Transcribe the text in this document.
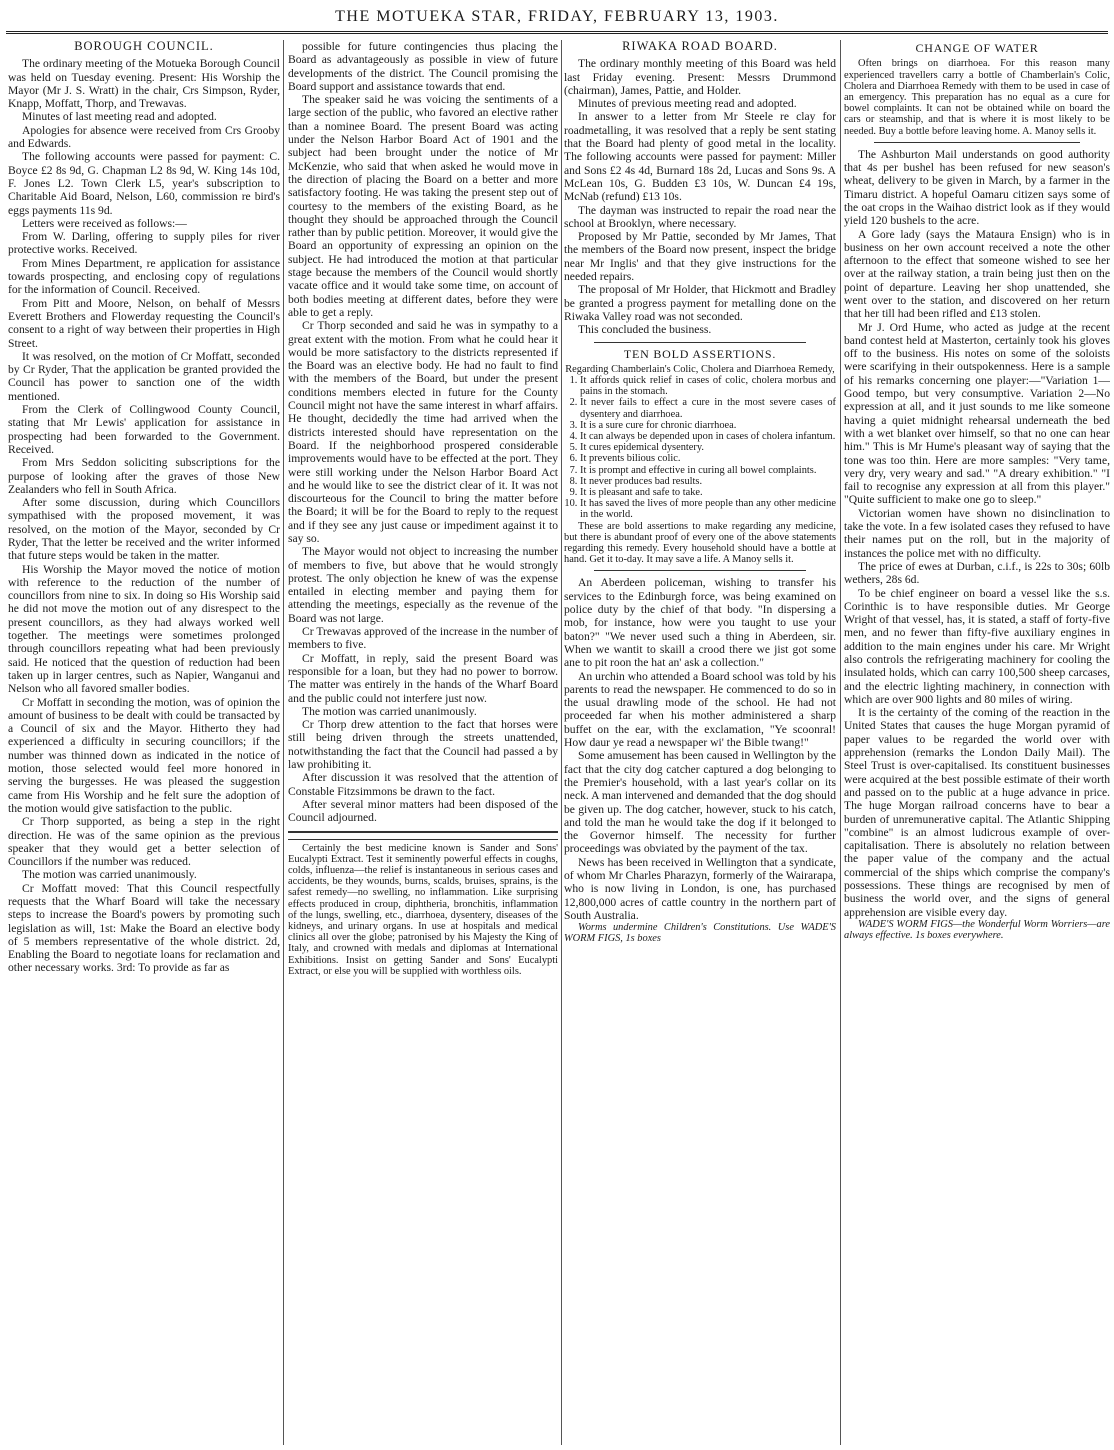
THE MOTUEKA STAR, FRIDAY, FEBRUARY 13, 1903.
BOROUGH COUNCIL.

The ordinary meeting of the Motueka Borough Council was held on Tuesday evening. Present: His Worship the Mayor (Mr J. S. Wratt) in the chair, Crs Simpson, Ryder, Knapp, Moffatt, Thorp, and Trewavas.

Minutes of last meeting read and adopted.

Apologies for absence were received from Crs Grooby and Edwards.

The following accounts were passed for payment: C. Boyce £2 8s 9d, G. Chapman L2 8s 9d, W. King 14s 10d, F. Jones L2. Town Clerk L5, year's subscription to Charitable Aid Board, Nelson, L60, commission re bird's eggs payments 11s 9d.

Letters were received as follows:—

From W. Darling, offering to supply piles for river protective works. Received.

From Mines Department, re application for assistance towards prospecting, and enclosing copy of regulations for the information of Council. Received.

From Pitt and Moore, Nelson, on behalf of Messrs Everett Brothers and Flowerday requesting the Council's consent to a right of way between their properties in High Street.

It was resolved, on the motion of Cr Moffatt, seconded by Cr Ryder, That the application be granted provided the Council has power to sanction one of the width mentioned.

From the Clerk of Collingwood County Council, stating that Mr Lewis' application for assistance in prospecting had been forwarded to the Government. Received.

From Mrs Seddon soliciting subscriptions for the purpose of looking after the graves of those New Zealanders who fell in South Africa.

After some discussion, during which Councillors sympathised with the proposed movement, it was resolved, on the motion of the Mayor, seconded by Cr Ryder, That the letter be received and the writer informed that future steps would be taken in the matter.

His Worship the Mayor moved the notice of motion with reference to the reduction of the number of councillors from nine to six. In doing so His Worship said he did not move the motion out of any disrespect to the present councillors, as they had always worked well together. The meetings were sometimes prolonged through councillors repeating what had been previously said. He noticed that the question of reduction had been taken up in larger centres, such as Napier, Wanganui and Nelson who all favored smaller bodies.

Cr Moffatt in seconding the motion, was of opinion the amount of business to be dealt with could be transacted by a Council of six and the Mayor. Hitherto they had experienced a difficulty in securing councillors; if the number was thinned down as indicated in the notice of motion, those selected would feel more honored in serving the burgesses. He was pleased the suggestion came from His Worship and he felt sure the adoption of the motion would give satisfaction to the public.

Cr Thorp supported, as being a step in the right direction. He was of the same opinion as the previous speaker that they would get a better selection of Councillors if the number was reduced.

The motion was carried unanimously.

Cr Moffatt moved: That this Council respectfully requests that the Wharf Board will take the necessary steps to increase the Board's powers by promoting such legislation as will, 1st: Make the Board an elective body of 5 members representative of the whole district. 2d, Enabling the Board to negotiate loans for reclamation and other necessary works. 3rd: To provide as far as

possible for future contingencies thus placing the Board as advantageously as possible in view of future developments of the district. The Council promising the Board support and assistance towards that end.

The speaker said he was voicing the sentiments of a large section of the public, who favored an elective rather than a nominee Board. The present Board was acting under the Nelson Harbor Board Act of 1901 and the subject had been brought under the notice of Mr McKenzie, who said that when asked he would move in the direction of placing the Board on a better and more satisfactory footing. He was taking the present step out of courtesy to the members of the existing Board, as he thought they should be approached through the Council rather than by public petition. Moreover, it would give the Board an opportunity of expressing an opinion on the subject. He had introduced the motion at that particular stage because the members of the Council would shortly vacate office and it would take some time, on account of both bodies meeting at different dates, before they were able to get a reply.

Cr Thorp seconded and said he was in sympathy to a great extent with the motion. From what he could hear it would be more satisfactory to the districts represented if the Board was an elective body. He had no fault to find with the members of the Board, but under the present conditions members elected in future for the County Council might not have the same interest in wharf affairs. He thought, decidedly the time had arrived when the districts interested should have representation on the Board. If the neighborhood prospered considerable improvements would have to be effected at the port. They were still working under the Nelson Harbor Board Act and he would like to see the district clear of it. It was not discourteous for the Council to bring the matter before the Board; it will be for the Board to reply to the request and if they see any just cause or impediment against it to say so.

The Mayor would not object to increasing the number of members to five, but above that he would strongly protest. The only objection he knew of was the expense entailed in electing member and paying them for attending the meetings, especially as the revenue of the Board was not large.

Cr Trewavas approved of the increase in the number of members to five.

Cr Moffatt, in reply, said the present Board was responsible for a loan, but they had no power to borrow. The matter was entirely in the hands of the Wharf Board and the public could not interfere just now.

The motion was carried unanimously.

Cr Thorp drew attention to the fact that horses were still being driven through the streets unattended, notwithstanding the fact that the Council had passed a by law prohibiting it.

After discussion it was resolved that the attention of Constable Fitzsimmons be drawn to the fact.

After several minor matters had been disposed of the Council adjourned.

Certainly the best medicine known is Sander and Sons' Eucalypti Extract. Test it seminently powerful effects in coughs, colds, influenza—the relief is instantaneous in serious cases and accidents, be they wounds, burns, scalds, bruises, sprains, is the safest remedy—no swelling, no inflammation. Like surprising effects produced in croup, diphtheria, bronchitis, inflammation of the lungs, swelling, etc., diarrhoea, dysentery, diseases of the kidneys, and urinary organs. In use at hospitals and medical clinics all over the globe; patronised by his Majesty the King of Italy, and crowned with medals and diplomas at International Exhibitions. Insist on getting Sander and Sons' Eucalypti Extract, or else you will be supplied with worthless oils.

RIWAKA ROAD BOARD.

The ordinary monthly meeting of this Board was held last Friday evening. Present: Messrs Drummond (chairman), James, Pattie, and Holder.

Minutes of previous meeting read and adopted.

In answer to a letter from Mr Steele re clay for roadmetalling, it was resolved that a reply be sent stating that the Board had plenty of good metal in the locality. The following accounts were passed for payment: Miller and Sons £2 4s 4d, Burnard 18s 2d, Lucas and Sons 9s. A McLean 10s, G. Budden £3 10s, W. Duncan £4 19s, McNab (refund) £13 10s.

The dayman was instructed to repair the road near the school at Brooklyn, where necessary.

Proposed by Mr Pattie, seconded by Mr James, That the members of the Board now present, inspect the bridge near Mr Inglis' and that they give instructions for the needed repairs.

The proposal of Mr Holder, that Hickmott and Bradley be granted a progress payment for metalling done on the Riwaka Valley road was not seconded.

This concluded the business.

TEN BOLD ASSERTIONS.

Regarding Chamberlain's Colic, Cholera and Diarrhoea Remedy,

1. It affords quick relief in cases of colic, cholera morbus and pains in the stomach.
2. It never fails to effect a cure in the most severe cases of dysentery and diarrhoea.
3. It is a sure cure for chronic diarrhoea.
4. It can always be depended upon in cases of cholera infantum.
5. It cures epidemical dysentery.
6. It prevents bilious colic.
7. It is prompt and effective in curing all bowel complaints.
8. It never produces bad results.
9. It is pleasant and safe to take.
10. It has saved the lives of more people than any other medicine in the world.

These are bold assertions to make regarding any medicine, but there is abundant proof of every one of the above statements regarding this remedy. Every household should have a bottle at hand. Get it to-day. It may save a life. A Manoy sells it.

An Aberdeen policeman, wishing to transfer his services to the Edinburgh force, was being examined on police duty by the chief of that body. "In dispersing a mob, for instance, how were you taught to use your baton?" "We never used such a thing in Aberdeen, sir. When we wantit to skaill a crood there we jist got some ane to pit roon the hat an' ask a collection."

An urchin who attended a Board school was told by his parents to read the newspaper. He commenced to do so in the usual drawling mode of the school. He had not proceeded far when his mother administered a sharp buffet on the ear, with the exclamation, "Ye scoonral! How daur ye read a newspaper wi' the Bible twang!"

Some amusement has been caused in Wellington by the fact that the city dog catcher captured a dog belonging to the Premier's household, with a last year's collar on its neck. A man intervened and demanded that the dog should be given up. The dog catcher, however, stuck to his catch, and told the man he would take the dog if it belonged to the Governor himself. The necessity for further proceedings was obviated by the payment of the tax.

News has been received in Wellington that a syndicate, of whom Mr Charles Pharazyn, formerly of the Wairarapa, who is now living in London, is one, has purchased 12,800,000 acres of cattle country in the northern part of South Australia.

Worms undermine Children's Constitutions. Use WADE'S WORM FIGS, 1s boxes

CHANGE OF WATER

Often brings on diarrhoea. For this reason many experienced travellers carry a bottle of Chamberlain's Colic, Cholera and Diarrhoea Remedy with them to be used in case of an emergency. This preparation has no equal as a cure for bowel complaints. It can not be obtained while on board the cars or steamship, and that is where it is most likely to be needed. Buy a bottle before leaving home. A. Manoy sells it.

The Ashburton Mail understands on good authority that 4s per bushel has been refused for new season's wheat, delivery to be given in March, by a farmer in the Timaru district. A hopeful Oamaru citizen says some of the oat crops in the Waihao district look as if they would yield 120 bushels to the acre.

A Gore lady (says the Mataura Ensign) who is in business on her own account received a note the other afternoon to the effect that someone wished to see her over at the railway station, a train being just then on the point of departure. Leaving her shop unattended, she went over to the station, and discovered on her return that her till had been rifled and £13 stolen.

Mr J. Ord Hume, who acted as judge at the recent band contest held at Masterton, certainly took his gloves off to the business. His notes on some of the soloists were scarifying in their outspokenness. Here is a sample of his remarks concerning one player:—"Variation 1—Good tempo, but very consumptive. Variation 2—No expression at all, and it just sounds to me like someone having a quiet midnight rehearsal underneath the bed with a wet blanket over himself, so that no one can hear him." This is Mr Hume's pleasant way of saying that the tone was too thin. Here are more samples: "Very tame, very dry, very weary and sad." "A dreary exhibition." "I fail to recognise any expression at all from this player." "Quite sufficient to make one go to sleep."

Victorian women have shown no disinclination to take the vote. In a few isolated cases they refused to have their names put on the roll, but in the majority of instances the police met with no difficulty.

The price of ewes at Durban, c.i.f., is 22s to 30s; 60lb wethers, 28s 6d.

To be chief engineer on board a vessel like the s.s. Corinthic is to have responsible duties. Mr George Wright of that vessel, has, it is stated, a staff of forty-five men, and no fewer than fifty-five auxiliary engines in addition to the main engines under his care. Mr Wright also controls the refrigerating machinery for cooling the insulated holds, which can carry 100,500 sheep carcases, and the electric lighting machinery, in connection with which are over 900 lights and 80 miles of wiring.

It is the certainty of the coming of the reaction in the United States that causes the huge Morgan pyramid of paper values to be regarded the world over with apprehension (remarks the London Daily Mail). The Steel Trust is over-capitalised. Its constituent businesses were acquired at the best possible estimate of their worth and passed on to the public at a huge advance in price. The huge Morgan railroad concerns have to bear a burden of unremunerative capital. The Atlantic Shipping "combine" is an almost ludicrous example of over-capitalisation. There is absolutely no relation between the paper value of the company and the actual commercial of the ships which comprise the company's possessions. These things are recognised by men of business the world over, and the signs of general apprehension are visible every day.

WADE'S WORM FIGS—the Wonderful Worm Worriers—are always effective. 1s boxes everywhere.
